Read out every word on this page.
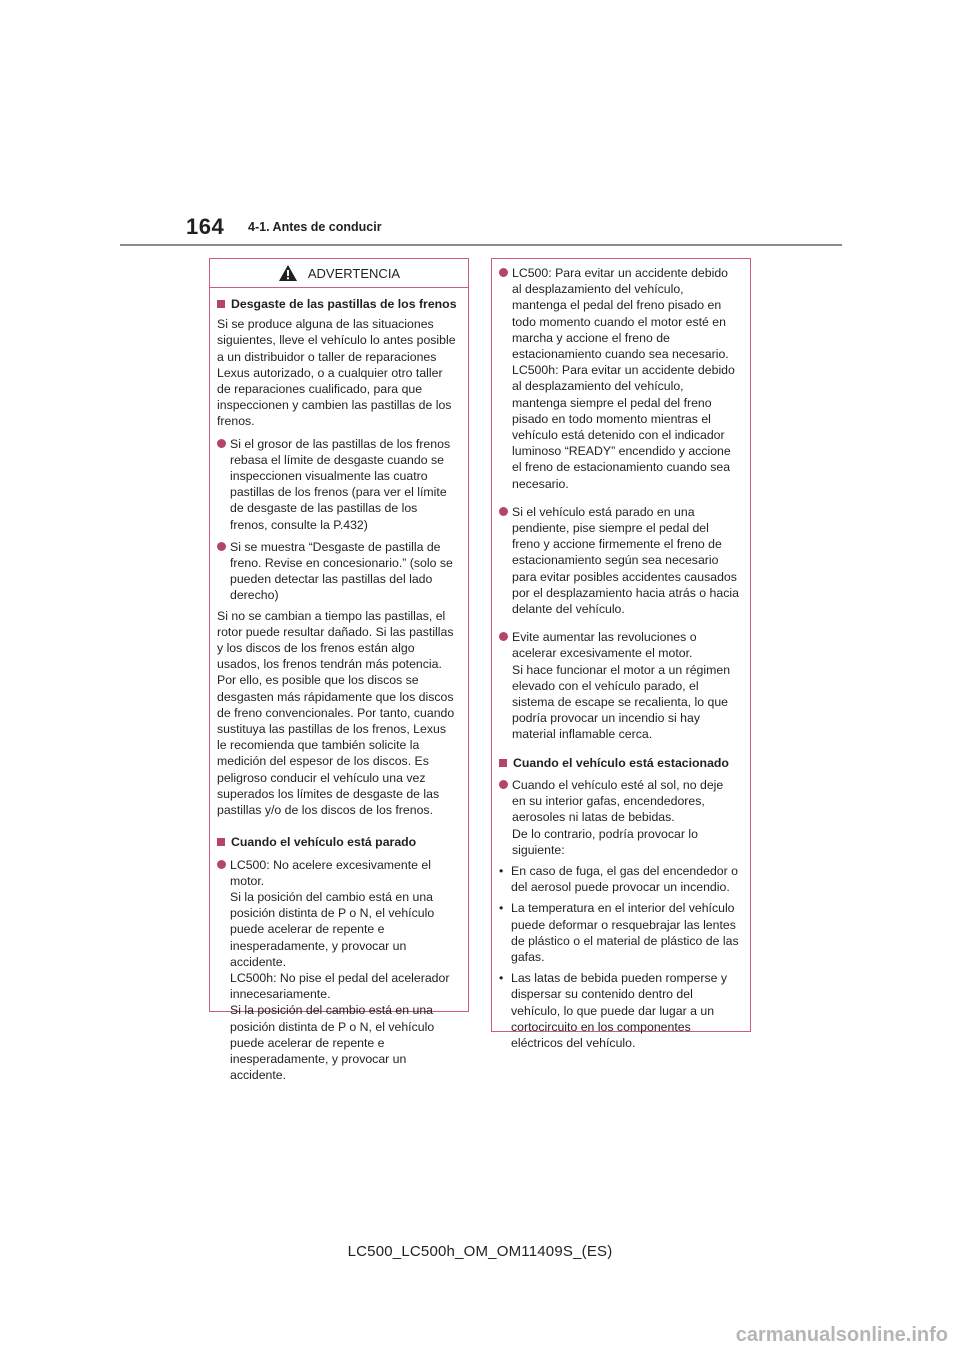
164 4-1. Antes de conducir
ADVERTENCIA
Desgaste de las pastillas de los frenos
Si se produce alguna de las situaciones siguientes, lleve el vehículo lo antes posible a un distribuidor o taller de reparaciones Lexus autorizado, o a cualquier otro taller de reparaciones cualificado, para que inspeccionen y cambien las pastillas de los frenos.
Si el grosor de las pastillas de los frenos rebasa el límite de desgaste cuando se inspeccionen visualmente las cuatro pastillas de los frenos (para ver el límite de desgaste de las pastillas de los frenos, consulte la P.432)
Si se muestra “Desgaste de pastilla de freno. Revise en concesionario.” (solo se pueden detectar las pastillas del lado derecho)
Si no se cambian a tiempo las pastillas, el rotor puede resultar dañado. Si las pastillas y los discos de los frenos están algo usados, los frenos tendrán más potencia. Por ello, es posible que los discos se desgasten más rápidamente que los discos de freno convencionales. Por tanto, cuando sustituya las pastillas de los frenos, Lexus le recomienda que también solicite la medición del espesor de los discos. Es peligroso conducir el vehículo una vez superados los límites de desgaste de las pastillas y/o de los discos de los frenos.
Cuando el vehículo está parado
LC500: No acelere excesivamente el motor.
Si la posición del cambio está en una posición distinta de P o N, el vehículo puede acelerar de repente e inesperadamente, y provocar un accidente.
LC500h: No pise el pedal del acelerador innecesariamente.
Si la posición del cambio está en una posición distinta de P o N, el vehículo puede acelerar de repente e inesperadamente, y provocar un accidente.
LC500: Para evitar un accidente debido al desplazamiento del vehículo, mantenga el pedal del freno pisado en todo momento cuando el motor esté en marcha y accione el freno de estacionamiento cuando sea necesario.
LC500h: Para evitar un accidente debido al desplazamiento del vehículo, mantenga siempre el pedal del freno pisado en todo momento mientras el vehículo está detenido con el indicador luminoso “READY” encendido y accione el freno de estacionamiento cuando sea necesario.
Si el vehículo está parado en una pendiente, pise siempre el pedal del freno y accione firmemente el freno de estacionamiento según sea necesario para evitar posibles accidentes causados por el desplazamiento hacia atrás o hacia delante del vehículo.
Evite aumentar las revoluciones o acelerar excesivamente el motor.
Si hace funcionar el motor a un régimen elevado con el vehículo parado, el sistema de escape se recalienta, lo que podría provocar un incendio si hay material inflamable cerca.
Cuando el vehículo está estacionado
Cuando el vehículo esté al sol, no deje en su interior gafas, encendedores, aerosoles ni latas de bebidas.
De lo contrario, podría provocar lo siguiente:
• En caso de fuga, el gas del encendedor o del aerosol puede provocar un incendio.
• La temperatura en el interior del vehículo puede deformar o resquebrajar las lentes de plástico o el material de plástico de las gafas.
• Las latas de bebida pueden romperse y dispersar su contenido dentro del vehículo, lo que puede dar lugar a un cortocircuito en los componentes eléctricos del vehículo.
LC500_LC500h_OM_OM11409S_(ES)
carmanualsonline.info
